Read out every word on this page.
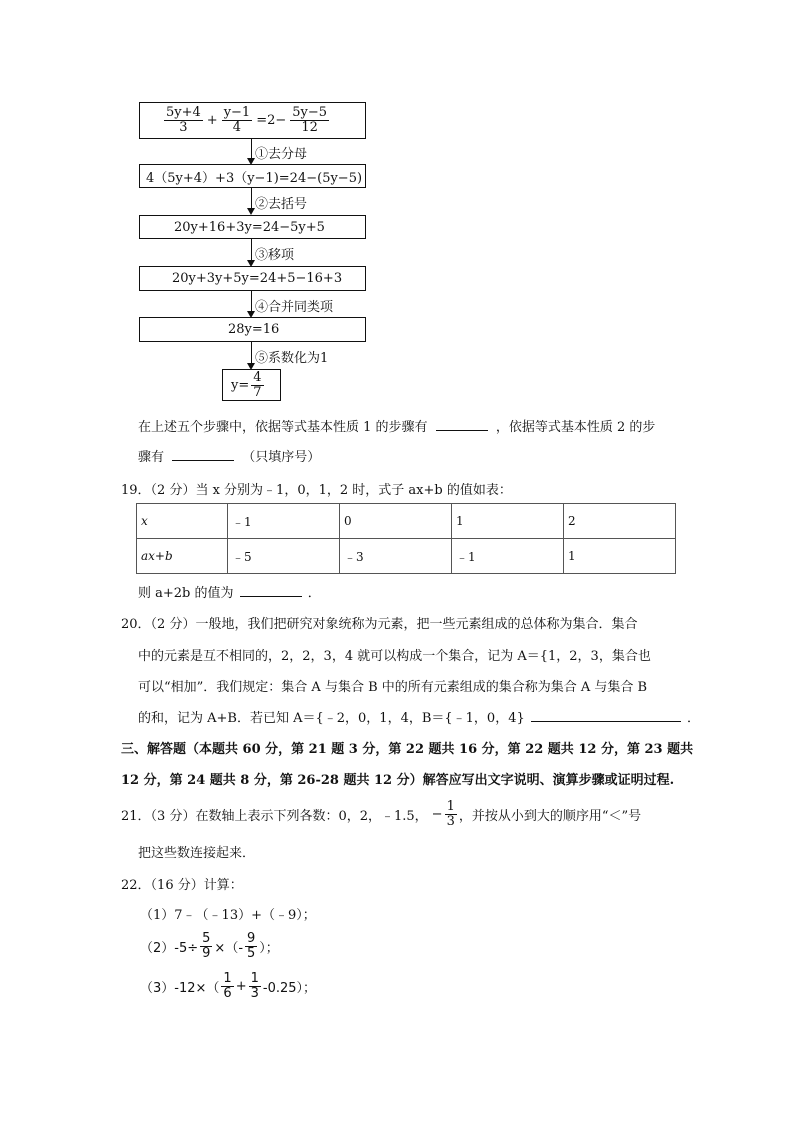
$\frac{5y+4}{3} + \frac{y-1}{4} =2- \frac{5y-5}{12}$
①去分母
4（5y+4）+3（y−1)=24−(5y−5)
②去括号
20y+16+3y=24−5y+5
③移项
20y+3y+5y=24+5−16+3
④合并同类项
28y=16
⑤系数化为1
$y= \frac{4}{7}$
在上述五个步骤中，依据等式基本性质 1 的步骤有	，依据等式基本性质 2 的步
骤有	（只填序号）
19．（2 分）当 x 分别为﹣1，0，1，2 时，式子 ax+b 的值如表：
x	﹣1	0	1	2
ax+b	﹣5	﹣3	﹣1	1
则 a+2b 的值为	．
20．（2 分）一般地，我们把研究对象统称为元素，把一些元素组成的总体称为集合．集合
中的元素是互不相同的，2，2，3，4 就可以构成一个集合，记为 A＝{1，2，3，集合也
可以“相加”．我们规定：集合 A 与集合 B 中的所有元素组成的集合称为集合 A 与集合 B
的和，记为 A+B．若已知 A＝{﹣2，0，1，4，B＝{﹣1，0，4}	．
三、解答题（本题共 60 分，第 21 题 3 分，第 22 题共 16 分，第 22 题共 12 分，第 23 题共
12 分，第 24 题共 8 分，第 26-28 题共 12 分）解答应写出文字说明、演算步骤或证明过程.
21．（3 分）在数轴上表示下列各数：0，2，﹣1.5， − $\frac{1}{3}$ ，并按从小到大的顺序用“＜”号
把这些数连接起来．
22．（16 分）计算：
（1）7﹣（﹣13）+（﹣9）；
$(2)-5\div \frac{5}{9}$ ×（- $\frac{9}{5}$ ）；
$(3)-12\times( \frac{1}{6} + \frac{1}{3} -0.25)$；
